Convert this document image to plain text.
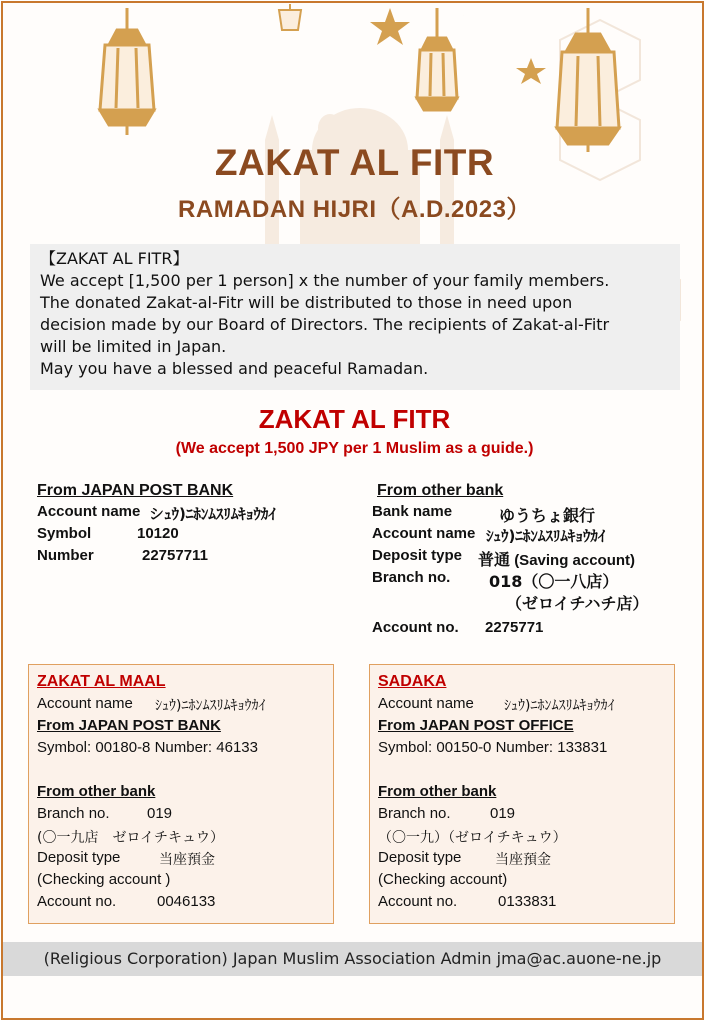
ZAKAT AL FITR
RAMADAN HIJRI（A.D.2023）
【ZAKAT AL FITR】
We accept [1,500 per 1 person] x the number of your family members.
The donated Zakat-al-Fitr will be distributed to those in need upon
decision made by our Board of Directors. The recipients of Zakat-al-Fitr
will be limited in Japan.
May you have a blessed and peaceful Ramadan.
ZAKAT AL FITR
(We accept 1,500 JPY per 1 Muslim as a guide.)
From JAPAN POST BANK
Account name シｭｳ)ﾆﾎﾝﾑｽﾘﾑｷｮｳｶｲ
Symbol	10120
Number	22757711
From other bank
Bank name	ゆうちょ銀行
Account name ｼｭｳ)ﾆﾎﾝﾑｽﾘﾑｷｮｳｶｲ
Deposit type 普通 (Saving account)
Branch no. 018（〇一八店）
（ゼロイチハチ店）
Account no. 2275771
ZAKAT AL MAAL
Account name ｼｭｳ)ﾆﾎﾝﾑｽﾘﾑｷｮｳｶｲ
From JAPAN POST BANK
Symbol: 00180-8 Number: 46133
From other bank
Branch no. 019
(〇一九店　ゼロイチキュウ）
Deposit type	当座預金
(Checking account )
Account no.	0046133
SADAKA
Account name ｼｭｳ)ﾆﾎﾝﾑｽﾘﾑｷｮｳｶｲ
From JAPAN POST OFFICE
Symbol: 00150-0 Number: 133831
From other bank
Branch no.	019
（〇一九）（ゼロイチキュウ）
Deposit type 当座預金
(Checking account)
Account no.	0133831
(Religious Corporation) Japan Muslim Association Admin jma@ac.auone-ne.jp
